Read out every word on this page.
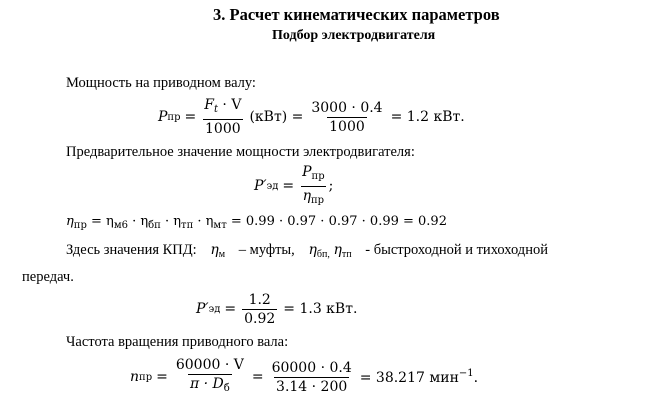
3. Расчет кинематических параметров
Подбор электродвигателя
Мощность на приводном валу:
P пр = $\frac{F_t \cdot V}{1000} (кВт) = \frac{3000 \cdot 0.4}{1000} = 1.2$ кВт.
Предварительное значение мощности электродвигателя:
P′ эд = $\frac{P_{пр}}{\eta_{пр}}$ ;
$\eta_{пр} = \eta_{м6} \cdot \eta_{бп} \cdot \eta_{тп} \cdot \eta_{мт} = 0.99 \cdot 0.97 \cdot 0.97 \cdot 0.99 = 0.92$
Здесь значения КПД: $\eta_м$ – муфты, $\eta_{бп,}$ $\eta_{тп}$ - быстроходной и тихоходной
передач.
P′ эд = $\frac{1.2}{0.92} = 1.3$ кВт.
Частота вращения приводного вала:
n пр = $\frac{60000 \cdot V}{\pi \cdot D_б} = \frac{60000 \cdot 0.4}{3.14 \cdot 200} = 38.217$ мин$^{-1}$.
